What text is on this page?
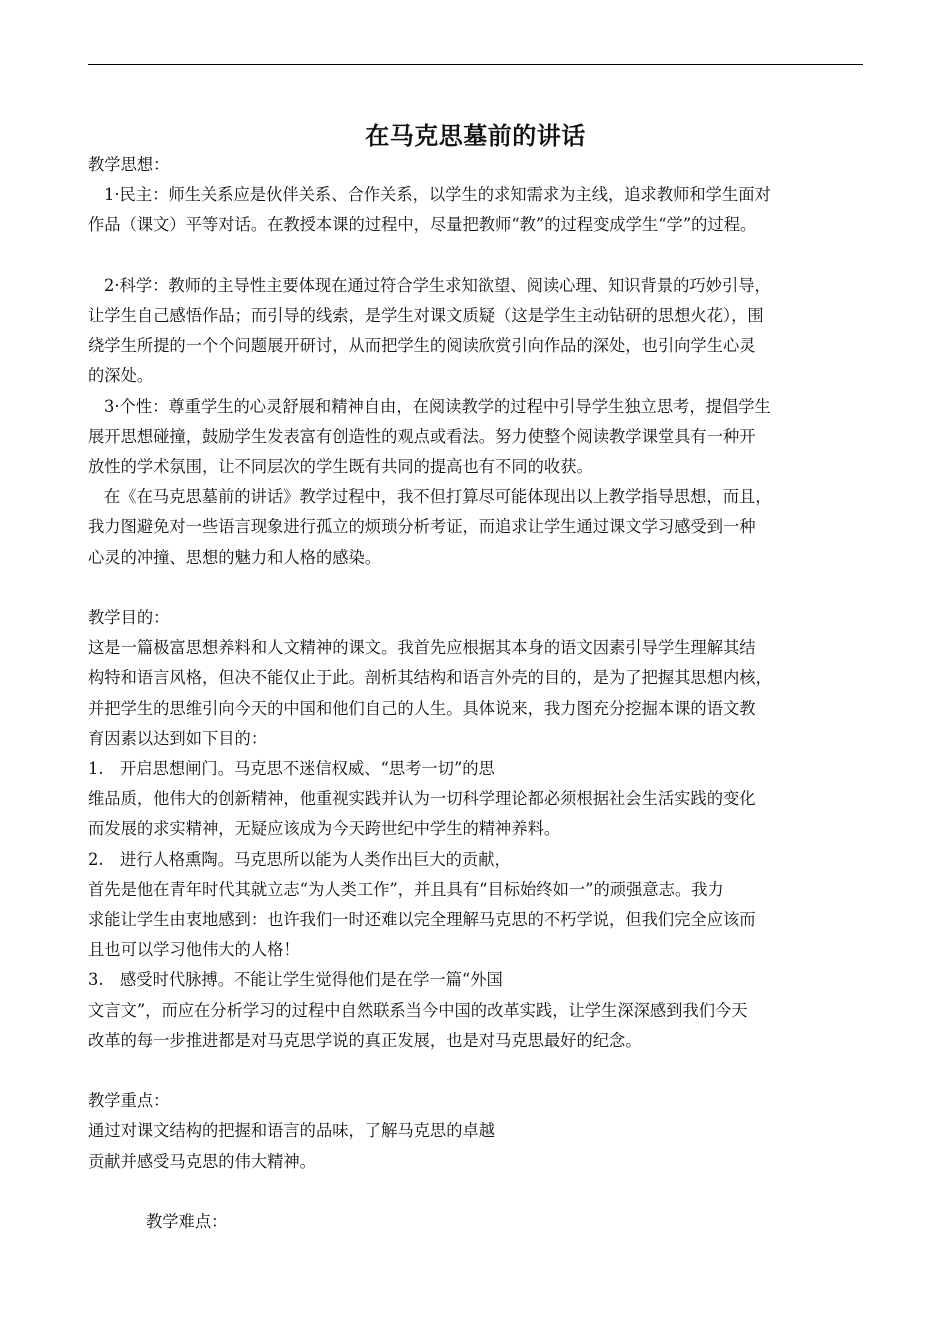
在马克思墓前的讲话

教学思想：

1·民主：师生关系应是伙伴关系、合作关系，以学生的求知需求为主线，追求教师和学生面对

作品（课文）平等对话。在教授本课的过程中，尽量把教师“教”的过程变成学生“学”的过程。

2·科学：教师的主导性主要体现在通过符合学生求知欲望、阅读心理、知识背景的巧妙引导，

让学生自己感悟作品；而引导的线索，是学生对课文质疑（这是学生主动钻研的思想火花），围

绕学生所提的一个个问题展开研讨，从而把学生的阅读欣赏引向作品的深处，也引向学生心灵

的深处。

3·个性：尊重学生的心灵舒展和精神自由，在阅读教学的过程中引导学生独立思考，提倡学生

展开思想碰撞，鼓励学生发表富有创造性的观点或看法。努力使整个阅读教学课堂具有一种开

放性的学术氛围，让不同层次的学生既有共同的提高也有不同的收获。

在《在马克思墓前的讲话》教学过程中，我不但打算尽可能体现出以上教学指导思想，而且，

我力图避免对一些语言现象进行孤立的烦琐分析考证，而追求让学生通过课文学习感受到一种

心灵的冲撞、思想的魅力和人格的感染。

教学目的：

这是一篇极富思想养料和人文精神的课文。我首先应根据其本身的语文因素引导学生理解其结

构特和语言风格，但决不能仅止于此。剖析其结构和语言外壳的目的，是为了把握其思想内核，

并把学生的思维引向今天的中国和他们自己的人生。具体说来，我力图充分挖掘本课的语文教

育因素以达到如下目的：

1. 开启思想闸门。马克思不迷信权威、“思考一切”的思

维品质，他伟大的创新精神，他重视实践并认为一切科学理论都必须根据社会生活实践的变化

而发展的求实精神，无疑应该成为今天跨世纪中学生的精神养料。

2. 进行人格熏陶。马克思所以能为人类作出巨大的贡献，

首先是他在青年时代其就立志“为人类工作”，并且具有“目标始终如一”的顽强意志。我力

求能让学生由衷地感到：也许我们一时还难以完全理解马克思的不朽学说，但我们完全应该而

且也可以学习他伟大的人格！

3. 感受时代脉搏。不能让学生觉得他们是在学一篇“外国

文言文”，而应在分析学习的过程中自然联系当今中国的改革实践，让学生深深感到我们今天

改革的每一步推进都是对马克思学说的真正发展，也是对马克思最好的纪念。

教学重点：

通过对课文结构的把握和语言的品味，了解马克思的卓越

贡献并感受马克思的伟大精神。

教学难点：
